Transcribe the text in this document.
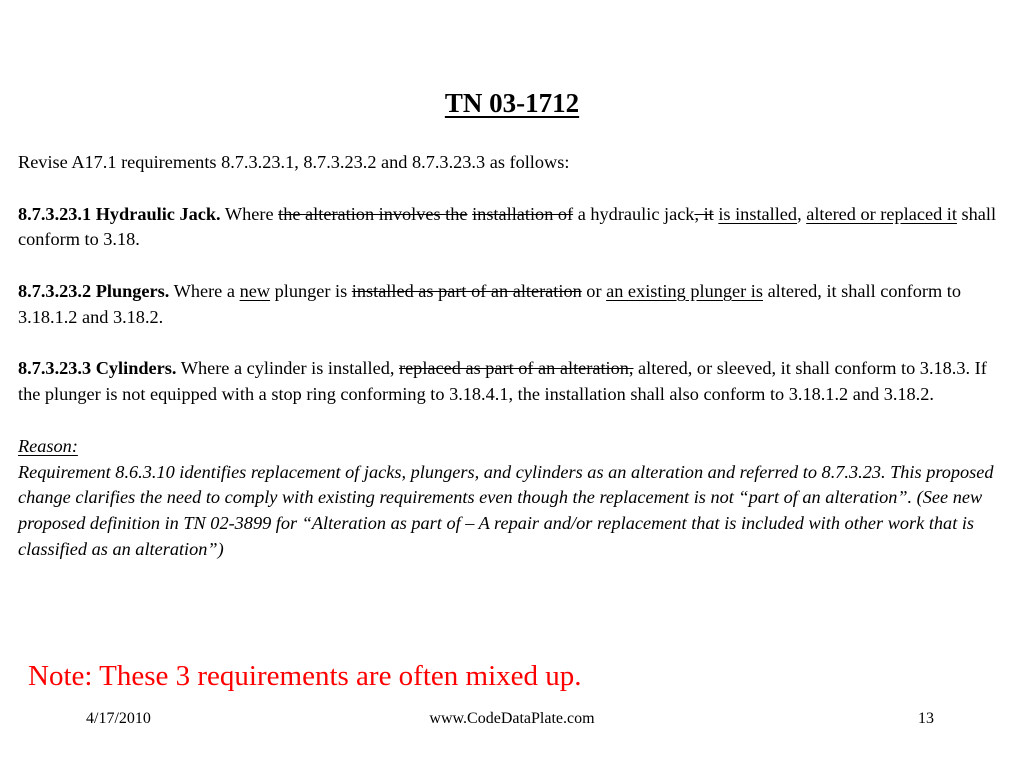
TN 03-1712

Revise A17.1 requirements 8.7.3.23.1, 8.7.3.23.2 and 8.7.3.23.3 as follows:

8.7.3.23.1 Hydraulic Jack. Where the alteration involves the installation of a hydraulic jack, it is installed, altered or replaced it shall conform to 3.18.

8.7.3.23.2 Plungers. Where a new plunger is installed as part of an alteration or an existing plunger is altered, it shall conform to 3.18.1.2 and 3.18.2.

8.7.3.23.3 Cylinders. Where a cylinder is installed, replaced as part of an alteration, altered, or sleeved, it shall conform to 3.18.3. If the plunger is not equipped with a stop ring conforming to 3.18.4.1, the installation shall also conform to 3.18.1.2 and 3.18.2.

Reason:

Requirement 8.6.3.10 identifies replacement of jacks, plungers, and cylinders as an alteration and referred to 8.7.3.23. This proposed change clarifies the need to comply with existing requirements even though the replacement is not “part of an alteration”. (See new proposed definition in TN 02-3899 for “Alteration as part of – A repair and/or replacement that is included with other work that is classified as an alteration”)

Note: These 3 requirements are often mixed up.
4/17/2010	www.CodeDataPlate.com	13
